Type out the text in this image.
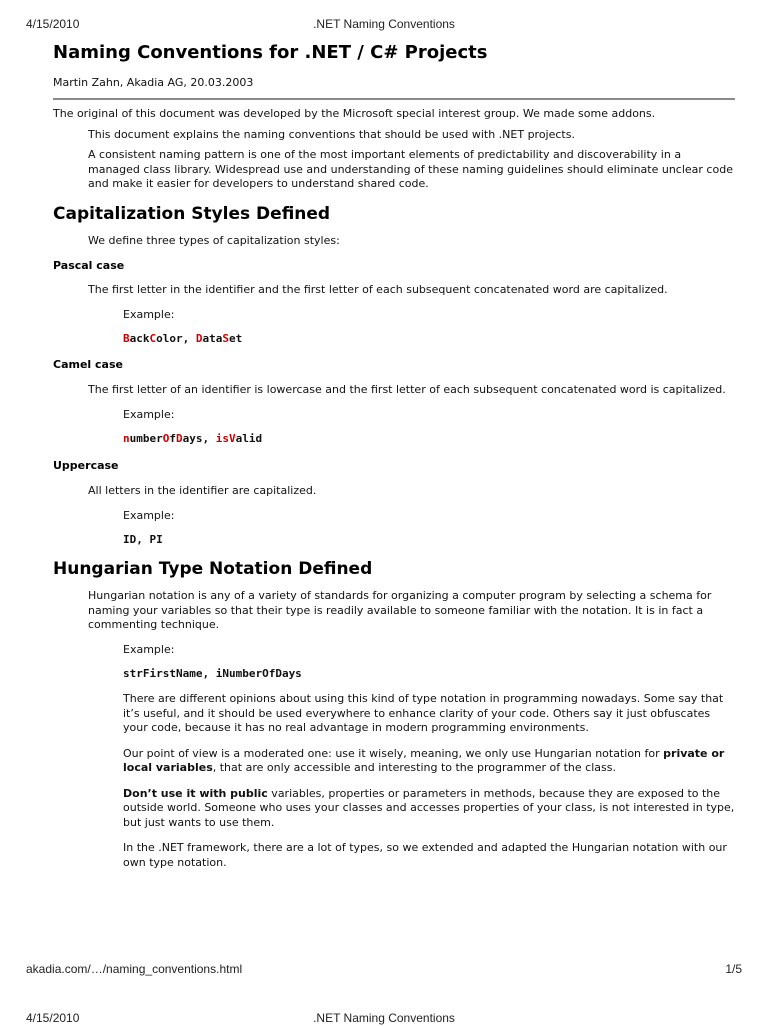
4/15/2010	.NET Naming Conventions
Naming Conventions for .NET / C# Projects
Martin Zahn, Akadia AG, 20.03.2003

The original of this document was developed by the Microsoft special interest group. We made some addons.

This document explains the naming conventions that should be used with .NET projects.

A consistent naming pattern is one of the most important elements of predictability and discoverability in a managed class library. Widespread use and understanding of these naming guidelines should eliminate unclear code and make it easier for developers to understand shared code.

Capitalization Styles Defined

We define three types of capitalization styles:

Pascal case

The first letter in the identifier and the first letter of each subsequent concatenated word are capitalized.

Example:

BackColor, DataSet
Camel case

The first letter of an identifier is lowercase and the first letter of each subsequent concatenated word is capitalized.

Example:

numberOfDays, isValid
Uppercase

All letters in the identifier are capitalized.

Example:

ID, PI
Hungarian Type Notation Defined

Hungarian notation is any of a variety of standards for organizing a computer program by selecting a schema for naming your variables so that their type is readily available to someone familiar with the notation. It is in fact a commenting technique.

Example:

strFirstName, iNumberOfDays

There are different opinions about using this kind of type notation in programming nowadays. Some say that it’s useful, and it should be used everywhere to enhance clarity of your code. Others say it just obfuscates your code, because it has no real advantage in modern programming environments.

Our point of view is a moderated one: use it wisely, meaning, we only use Hungarian notation for private or local variables, that are only accessible and interesting to the programmer of the class.

Don’t use it with public variables, properties or parameters in methods, because they are exposed to the outside world. Someone who uses your classes and accesses properties of your class, is not interested in type, but just wants to use them.

In the .NET framework, there are a lot of types, so we extended and adapted the Hungarian notation with our own type notation.

akadia.com/…/naming_conventions.html	1/5
4/15/2010	.NET Naming Conventions
